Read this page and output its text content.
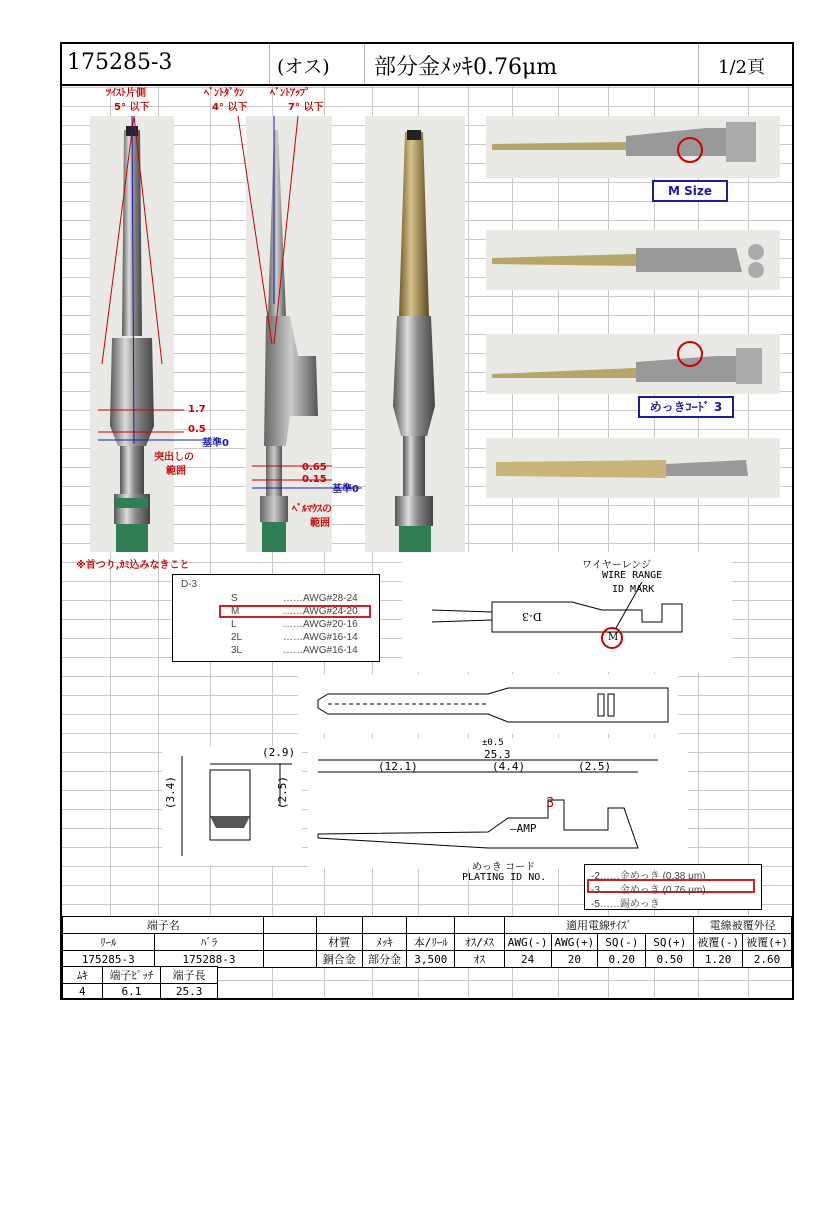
175285-3	(オス) 部分金ﾒｯｷ0.76μm	1/2頁
ﾂｲｽﾄ片側
5° 以下
ﾍﾞﾝﾄﾀﾞｳﾝ
4° 以下
ﾍﾞﾝﾄｱｯﾌﾟ
7° 以下
M Size
めっきｺｰﾄﾞ 3
1.7
0.5
基準0
突出しの
範囲	0.65
0.15
基準0
ﾍﾞﾙﾏｳｽの
範囲
※首つり,ｶﾐ込みなきこと
D-3
S	……AWG#28-24
M	……AWG#24-20
L	……AWG#20-16
2L	……AWG#16-14
3L	……AWG#16-14
ワイヤーレンジ
WIRE RANGE
ID MARK
D-3
M
(2.9)
(3.4)	(2.5)
±0.5
25.3
(12.1)	(4.4)	(2.5)
3
—AMP
めっき コード
PLATING ID NO.	-2……金めっき (0.38 μm)
-3……金めっき (0.76 μm)
-5……錫めっき
端子名							適用電線ｻｲｽﾞ				電線被覆外径	
ﾘｰﾙ	ﾊﾞﾗ		材質	ﾒｯｷ	本/ﾘｰﾙ	ｵｽ/ﾒｽ	AWG(-)	AWG(+)	SQ(-)	SQ(+)	被覆(-)	被覆(+)
175285-3	175288-3		銅合金	部分金	3,500	ｵｽ	24	20	0.20	0.50	1.20	2.60
ﾑｷ	端子ﾋﾟｯﾁ	端子長
4	6.1	25.3
